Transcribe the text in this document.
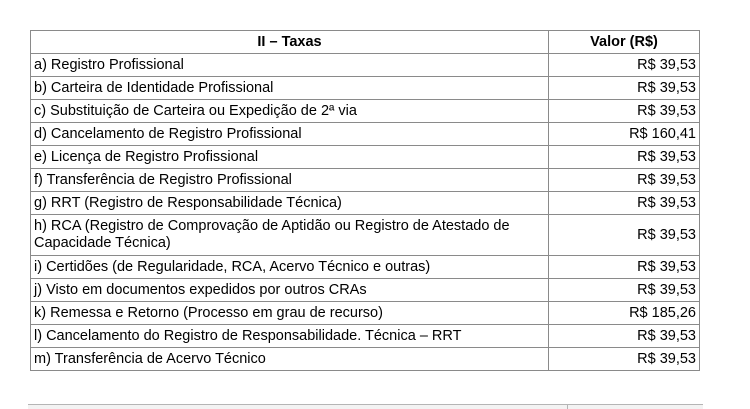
II – Taxas	Valor (R$)
a) Registro Profissional	R$ 39,53
b) Carteira de Identidade Profissional	R$ 39,53
c) Substituição de Carteira ou Expedição de 2ª via	R$ 39,53
d) Cancelamento de Registro Profissional	R$ 160,41
e) Licença de Registro Profissional	R$ 39,53
f) Transferência de Registro Profissional	R$ 39,53
g) RRT (Registro de Responsabilidade Técnica)	R$ 39,53
h) RCA (Registro de Comprovação de Aptidão ou Registro de Atestado de Capacidade Técnica)	R$ 39,53
i) Certidões (de Regularidade, RCA, Acervo Técnico e outras)	R$ 39,53
j) Visto em documentos expedidos por outros CRAs	R$ 39,53
k) Remessa e Retorno (Processo em grau de recurso)	R$ 185,26
l) Cancelamento do Registro de Responsabilidade. Técnica – RRT	R$ 39,53
m) Transferência de Acervo Técnico	R$ 39,53
